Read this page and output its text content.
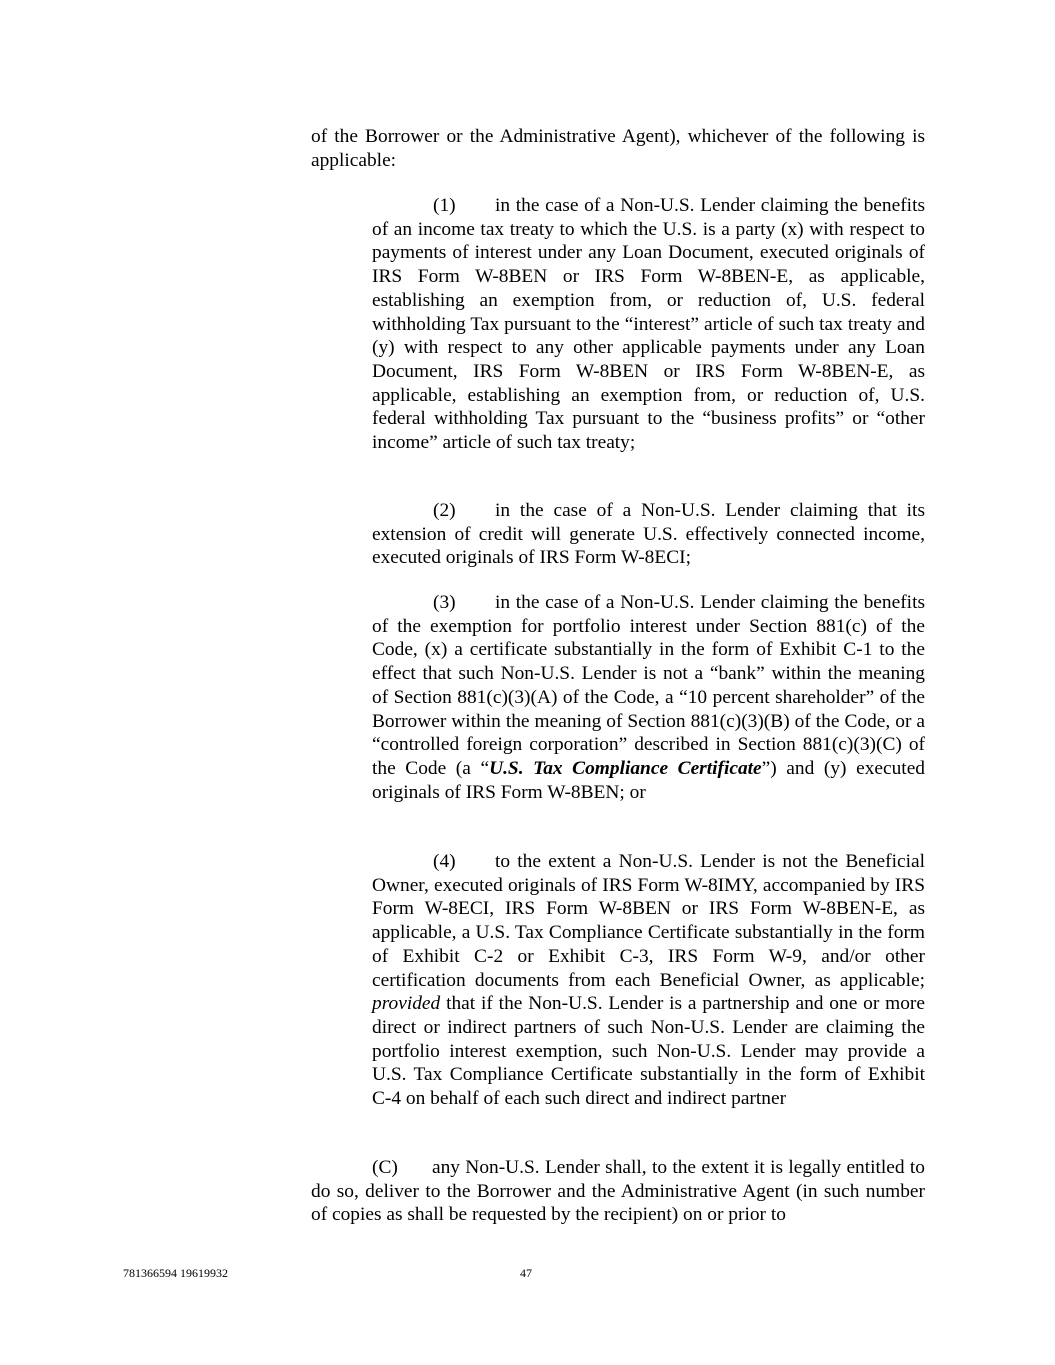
of the Borrower or the Administrative Agent), whichever of the following is applicable:

(1) in the case of a Non-U.S. Lender claiming the benefits of an income tax treaty to which the U.S. is a party (x) with respect to payments of interest under any Loan Document, executed originals of IRS Form W-8BEN or IRS Form W-8BEN-E, as applicable, establishing an exemption from, or reduction of, U.S. federal withholding Tax pursuant to the “interest” article of such tax treaty and (y) with respect to any other applicable payments under any Loan Document, IRS Form W-8BEN or IRS Form W-8BEN-E, as applicable, establishing an exemption from, or reduction of, U.S. federal withholding Tax pursuant to the “business profits” or “other income” article of such tax treaty;

(2) in the case of a Non-U.S. Lender claiming that its extension of credit will generate U.S. effectively connected income, executed originals of IRS Form W-8ECI;

(3) in the case of a Non-U.S. Lender claiming the benefits of the exemption for portfolio interest under Section 881(c) of the Code, (x) a certificate substantially in the form of Exhibit C-1 to the effect that such Non-U.S. Lender is not a “bank” within the meaning of Section 881(c)(3)(A) of the Code, a “10 percent shareholder” of the Borrower within the meaning of Section 881(c)(3)(B) of the Code, or a “controlled foreign corporation” described in Section 881(c)(3)(C) of the Code (a “U.S. Tax Compliance Certificate”) and (y) executed originals of IRS Form W-8BEN; or

(4) to the extent a Non-U.S. Lender is not the Beneficial Owner, executed originals of IRS Form W-8IMY, accompanied by IRS Form W-8ECI, IRS Form W-8BEN or IRS Form W-8BEN-E, as applicable, a U.S. Tax Compliance Certificate substantially in the form of Exhibit C-2 or Exhibit C-3, IRS Form W-9, and/or other certification documents from each Beneficial Owner, as applicable; provided that if the Non-U.S. Lender is a partnership and one or more direct or indirect partners of such Non-U.S. Lender are claiming the portfolio interest exemption, such Non-U.S. Lender may provide a U.S. Tax Compliance Certificate substantially in the form of Exhibit C-4 on behalf of each such direct and indirect partner

(C) any Non-U.S. Lender shall, to the extent it is legally entitled to do so, deliver to the Borrower and the Administrative Agent (in such number of copies as shall be requested by the recipient) on or prior to

781366594 19619932	47
